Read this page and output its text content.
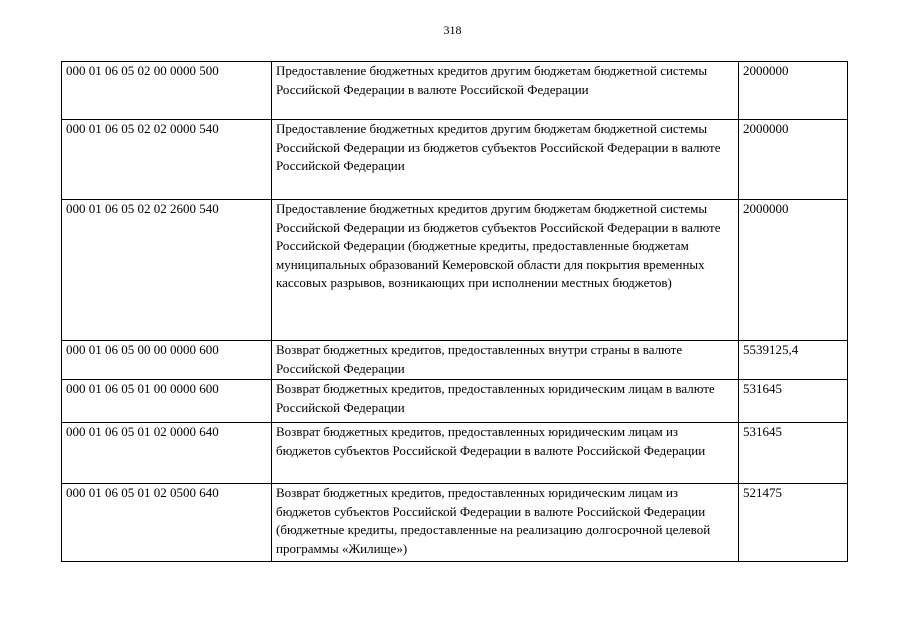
318
000 01 06 05 02 00 0000 500	Предоставление бюджетных кредитов другим бюджетам бюджетной системы Российской Федерации в валюте Российской Федерации	2000000
000 01 06 05 02 02 0000 540	Предоставление бюджетных кредитов другим бюджетам бюджетной системы Российской Федерации из бюджетов субъектов Российской Федерации в валюте Российской Федерации	2000000
000 01 06 05 02 02 2600 540	Предоставление бюджетных кредитов другим бюджетам бюджетной системы Российской Федерации из бюджетов субъектов Российской Федерации в валюте Российской Федерации (бюджетные кредиты, предоставленные бюджетам муниципальных образований Кемеровской области для покрытия временных кассовых разрывов, возникающих при исполнении местных бюджетов)	2000000
000 01 06 05 00 00 0000 600	Возврат бюджетных кредитов, предоставленных внутри страны в валюте Российской Федерации	5539125,4
000 01 06 05 01 00 0000 600	Возврат бюджетных кредитов, предоставленных юридическим лицам в валюте Российской Федерации	531645
000 01 06 05 01 02 0000 640	Возврат бюджетных кредитов, предоставленных юридическим лицам из бюджетов субъектов Российской Федерации в валюте Российской Федерации	531645
000 01 06 05 01 02 0500 640	Возврат бюджетных кредитов, предоставленных юридическим лицам из бюджетов субъектов Российской Федерации в валюте Российской Федерации (бюджетные кредиты, предоставленные на реализацию долгосрочной целевой программы «Жилище»)	521475
